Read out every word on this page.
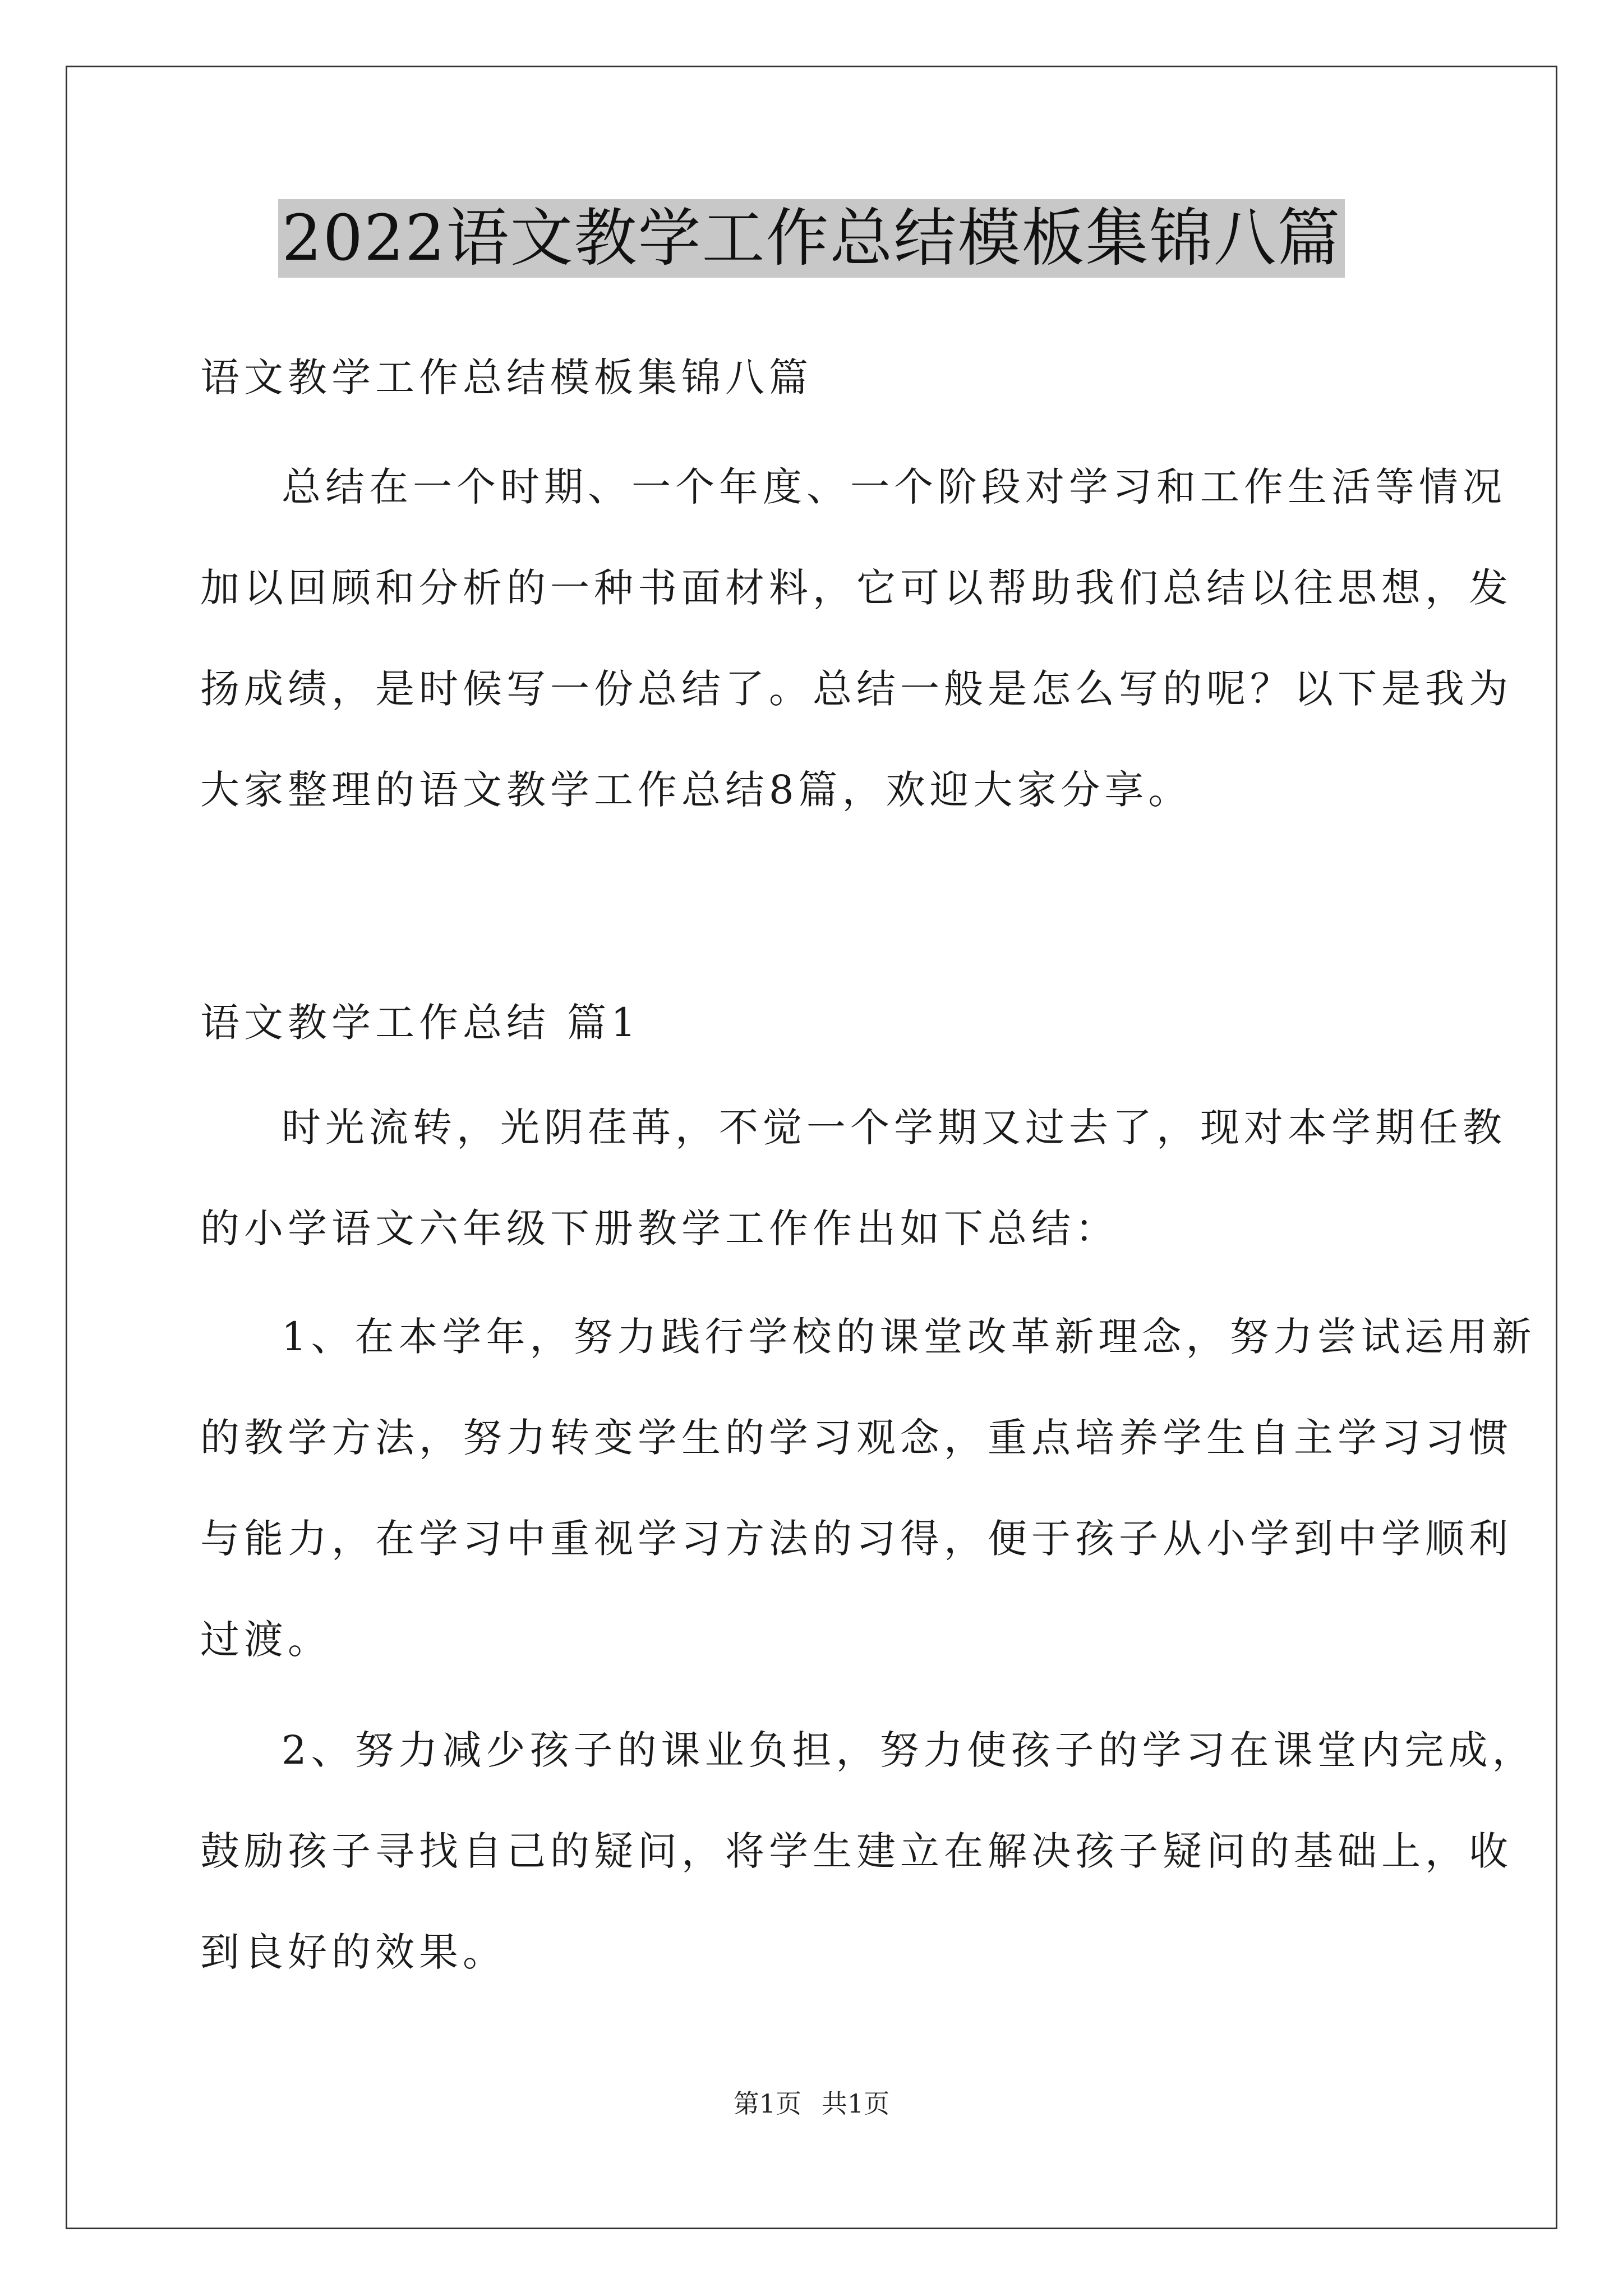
2022语文教学工作总结模板集锦八篇
语文教学工作总结模板集锦八篇
总结在一个时期、一个年度、一个阶段对学习和工作生活等情况
加以回顾和分析的一种书面材料，它可以帮助我们总结以往思想，发
扬成绩，是时候写一份总结了。总结一般是怎么写的呢？以下是我为
大家整理的语文教学工作总结8篇，欢迎大家分享。
语文教学工作总结 篇1
时光流转，光阴荏苒，不觉一个学期又过去了，现对本学期任教
的小学语文六年级下册教学工作作出如下总结：
1、在本学年，努力践行学校的课堂改革新理念，努力尝试运用新
的教学方法，努力转变学生的学习观念，重点培养学生自主学习习惯
与能力，在学习中重视学习方法的习得，便于孩子从小学到中学顺利
过渡。
2、努力减少孩子的课业负担，努力使孩子的学习在课堂内完成，
鼓励孩子寻找自己的疑问，将学生建立在解决孩子疑问的基础上，收
到良好的效果。
第1页 共1页
